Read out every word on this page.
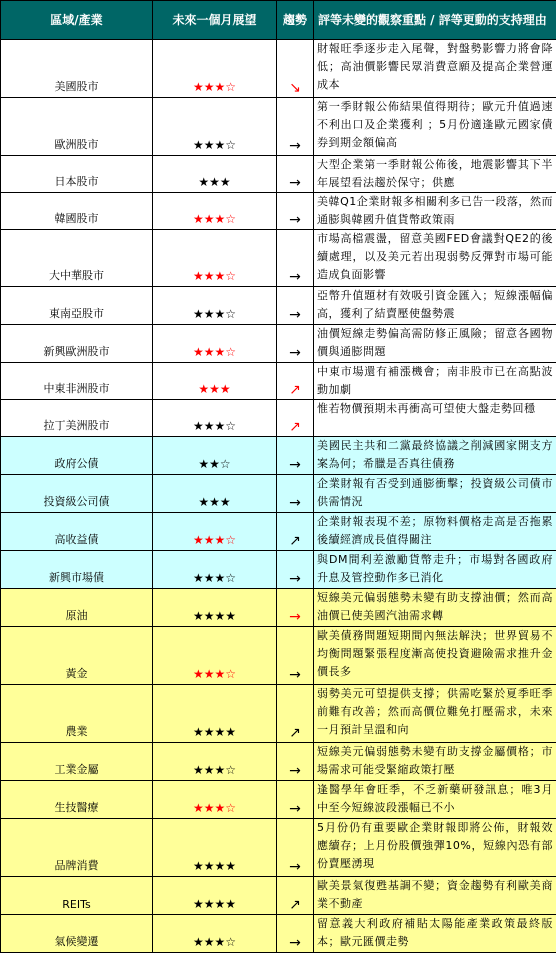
區域/產業	未來一個月展望	趨勢	評等未變的觀察重點 / 評等更動的支持理由
美國股市	★★★☆	↘	財報旺季逐步走入尾聲，對盤勢影響力將會降低；高油價影響民眾消費意願及提高企業營運成本
歐洲股市	★★★☆	→	第一季財報公佈結果值得期待；歐元升值過速不利出口及企業獲利 ；5月份適逢歐元國家債券到期金額偏高
日本股市	★★★	→	大型企業第一季財報公佈後，地震影響其下半年展望看法趨於保守；供應
韓國股市	★★★☆	→	美韓Q1企業財報多相關利多已告一段落，然而通膨與韓國升值貨幣政策雨
大中華股市	★★★☆	→	市場高檔震盪，留意美國FED會議對QE2的後續處理，以及美元若出現弱勢反彈對市場可能造成負面影響
東南亞股市	★★★☆	→	亞幣升值題材有效吸引資金匯入；短線漲幅偏高，獲利了結賣壓使盤勢震
新興歐洲股市	★★★☆	→	油價短線走勢偏高需防修正風險；留意各國物價與通膨問題
中東非洲股市	★★★	↗	中東市場還有補漲機會；南非股市已在高點波動加劇
拉丁美洲股市	★★★☆	↗	惟若物價預期未再衝高可望使大盤走勢回穩
政府公債	★★☆	→	美國民主共和二黨最終協議之削減國家開支方案為何；希臘是否真往債務
投資級公司債	★★★	→	企業財報有否受到通膨衝擊；投資級公司債市供需情況
高收益債	★★★☆	↗	企業財報表現不差；原物料價格走高是否拖累後續經濟成長值得關注
新興市場債	★★★☆	→	與DM間利差激勵貨幣走升；市場對各國政府升息及管控動作多已消化
原油	★★★★	→	短線美元偏弱態勢未變有助支撐油價；然而高油價已使美國汽油需求轉
黃金	★★★☆	→	歐美債務問題短期間內無法解決；世界貿易不均衡問題緊張程度漸高使投資避險需求推升金價長多
農業	★★★★	↗	弱勢美元可望提供支撐；供需吃緊於夏季旺季前難有改善；然而高價位難免打壓需求，未來一月預計呈溫和向
工業金屬	★★★☆	→	短線美元偏弱態勢未變有助支撐金屬價格；市場需求可能受緊縮政策打壓
生技醫療	★★★☆	→	逢醫學年會旺季，不乏新藥研發訊息；唯3月中至今短線波段漲幅已不小
品牌消費	★★★★	→	5月份仍有重要歐企業財報即將公佈，財報效應續存；上月份股價強彈10%，短線內恐有部份賣壓湧現
REITs	★★★★	↗	歐美景氣復甦基調不變；資金趨勢有利歐美商業不動產
氣候變遷	★★★☆	→	留意義大利政府補貼太陽能產業政策最終版本；歐元匯價走勢
